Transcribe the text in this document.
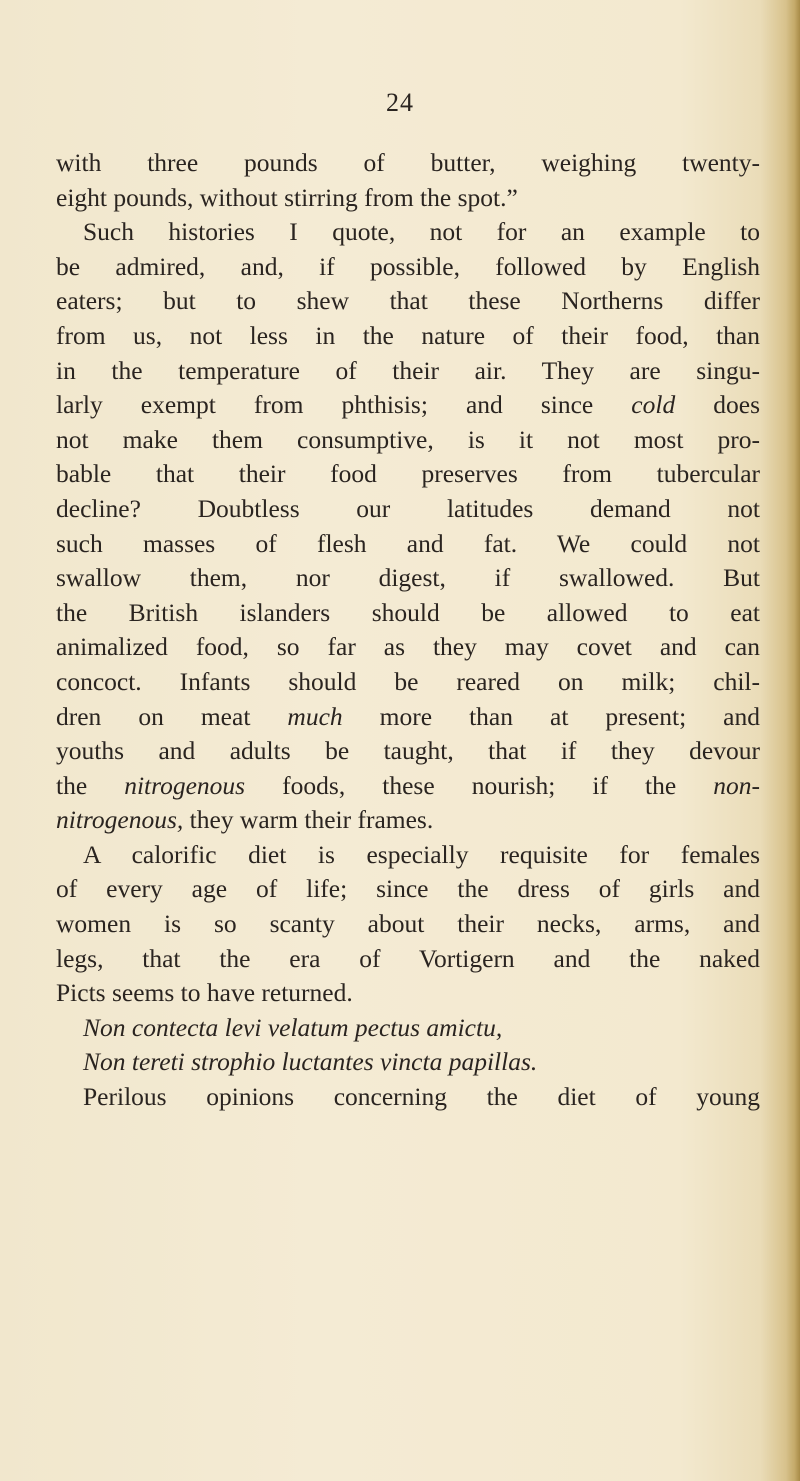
24
with three pounds of butter, weighing twenty-
eight pounds, without stirring from the spot.”
Such histories I quote, not for an example to
be admired, and, if possible, followed by English
eaters; but to shew that these Northerns differ
from us, not less in the nature of their food, than
in the temperature of their air. They are singu-
larly exempt from phthisis; and since cold does
not make them consumptive, is it not most pro-
bable that their food preserves from tubercular
decline? Doubtless our latitudes demand not
such masses of flesh and fat. We could not
swallow them, nor digest, if swallowed. But
the British islanders should be allowed to eat
animalized food, so far as they may covet and can
concoct. Infants should be reared on milk; chil-
dren on meat much more than at present; and
youths and adults be taught, that if they devour
the nitrogenous foods, these nourish; if the non-
nitrogenous, they warm their frames.
A calorific diet is especially requisite for females
of every age of life; since the dress of girls and
women is so scanty about their necks, arms, and
legs, that the era of Vortigern and the naked
Picts seems to have returned.
Non contecta levi velatum pectus amictu,
Non tereti strophio luctantes vincta papillas.
Perilous opinions concerning the diet of young
